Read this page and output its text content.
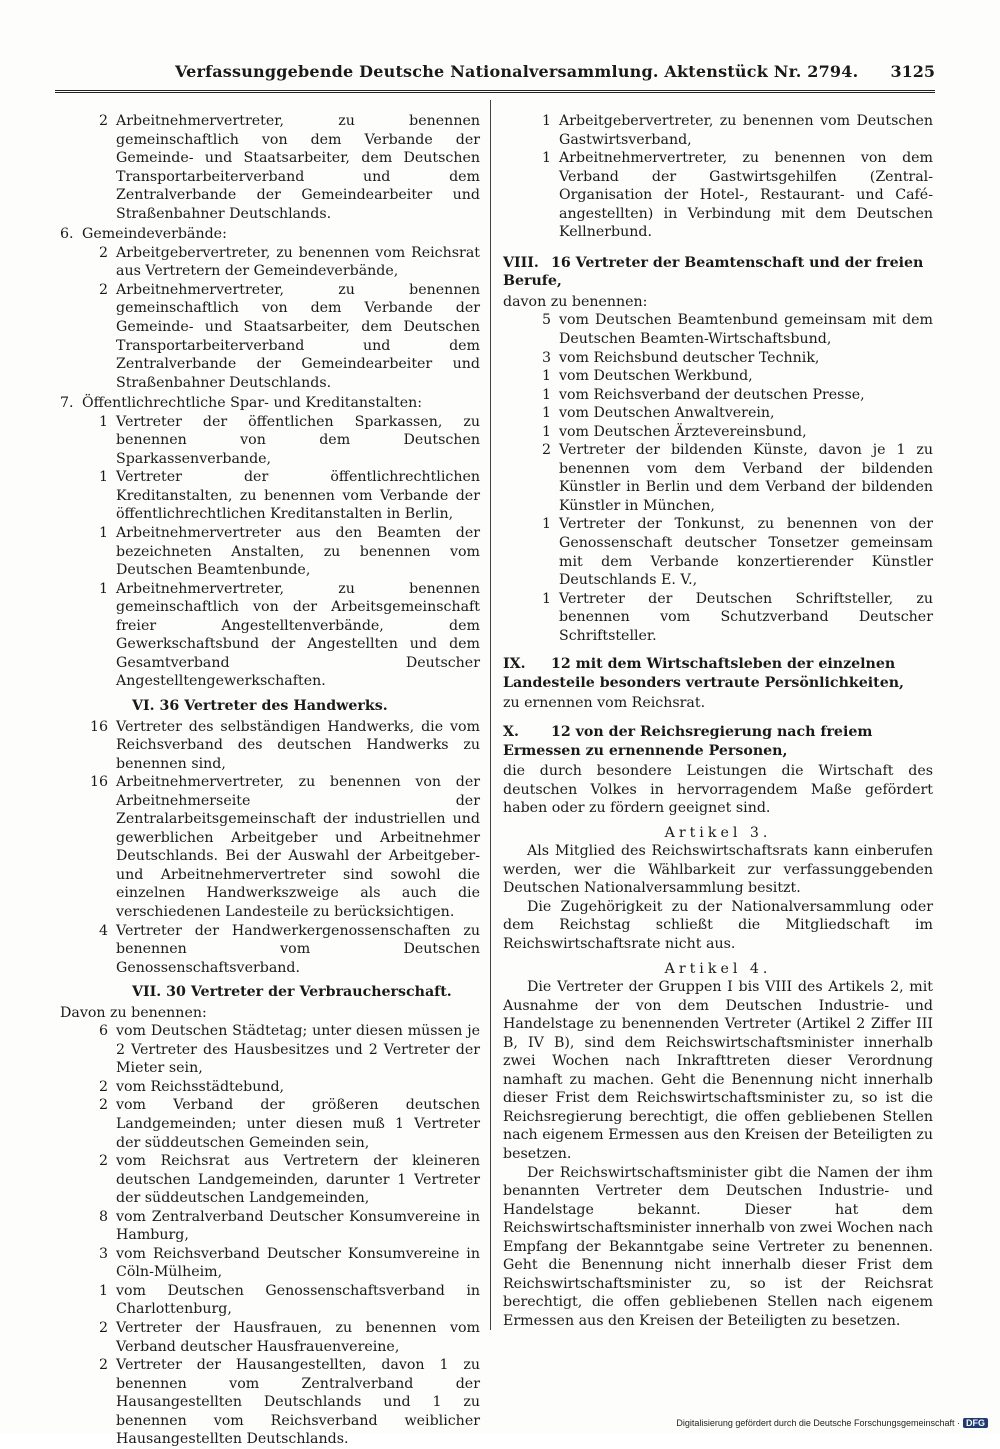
Verfassunggebende Deutsche Nationalversammlung. Aktenstück Nr. 2794. 3125
2 Arbeitnehmervertreter, zu benennen gemeinschaftlich von dem Verbande der Gemeinde- und Staatsarbeiter, dem Deutschen Transportarbeiterverband und dem Zentralverbande der Gemeindearbeiter und Straßenbahner Deutschlands.
6. Gemeindeverbände:
2 Arbeitgebervertreter, zu benennen vom Reichsrat aus Vertretern der Gemeindeverbände,
2 Arbeitnehmervertreter, zu benennen gemeinschaftlich von dem Verbande der Gemeinde- und Staatsarbeiter, dem Deutschen Transportarbeiterverband und dem Zentralverbande der Gemeindearbeiter und Straßenbahner Deutschlands.
7. Öffentlichrechtliche Spar- und Kreditanstalten:
1 Vertreter der öffentlichen Sparkassen, zu benennen von dem Deutschen Sparkassenverbande,
1 Vertreter der öffentlichrechtlichen Kreditanstalten, zu benennen vom Verbande der öffentlichrechtlichen Kreditanstalten in Berlin,
1 Arbeitnehmervertreter aus den Beamten der bezeichneten Anstalten, zu benennen vom Deutschen Beamtenbunde,
1 Arbeitnehmervertreter, zu benennen gemeinschaftlich von der Arbeitsgemeinschaft freier Angestelltenverbände, dem Gewerkschaftsbund der Angestellten und dem Gesamtverband Deutscher Angestelltengewerkschaften.
VI. 36 Vertreter des Handwerks.
16 Vertreter des selbständigen Handwerks, die vom Reichsverband des deutschen Handwerks zu benennen sind,
16 Arbeitnehmervertreter, zu benennen von der Arbeitnehmerseite der Zentralarbeitsgemeinschaft der industriellen und gewerblichen Arbeitgeber und Arbeitnehmer Deutschlands. Bei der Auswahl der Arbeitgeber- und Arbeitnehmervertreter sind sowohl die einzelnen Handwerkszweige als auch die verschiedenen Landesteile zu berücksichtigen.
4 Vertreter der Handwerkergenossenschaften zu benennen vom Deutschen Genossenschaftsverband.
VII. 30 Vertreter der Verbraucherschaft.
Davon zu benennen:
6 vom Deutschen Städtetag; unter diesen müssen je 2 Vertreter des Hausbesitzes und 2 Vertreter der Mieter sein,
2 vom Reichsstädtebund,
2 vom Verband der größeren deutschen Landgemeinden; unter diesen muß 1 Vertreter der süddeutschen Gemeinden sein,
2 vom Reichsrat aus Vertretern der kleineren deutschen Landgemeinden, darunter 1 Vertreter der süddeutschen Landgemeinden,
8 vom Zentralverband Deutscher Konsumvereine in Hamburg,
3 vom Reichsverband Deutscher Konsumvereine in Cöln-Mülheim,
1 vom Deutschen Genossenschaftsverband in Charlottenburg,
2 Vertreter der Hausfrauen, zu benennen vom Verband deutscher Hausfrauenvereine,
2 Vertreter der Hausangestellten, davon 1 zu benennen vom Zentralverband der Hausangestellten Deutschlands und 1 zu benennen vom Reichsverband weiblicher Hausangestellten Deutschlands.
1 Arbeitgebervertreter, zu benennen vom Deutschen Gastwirtsverband,
1 Arbeitnehmervertreter, zu benennen von dem Verband der Gastwirtsgehilfen (Zentral-Organisation der Hotel-, Restaurant- und Café-angestellten) in Verbindung mit dem Deutschen Kellnerbund.
VIII. 16 Vertreter der Beamtenschaft und der freien Berufe,
davon zu benennen:
5 vom Deutschen Beamtenbund gemeinsam mit dem Deutschen Beamten-Wirtschaftsbund,
3 vom Reichsbund deutscher Technik,
1 vom Deutschen Werkbund,
1 vom Reichsverband der deutschen Presse,
1 vom Deutschen Anwaltverein,
1 vom Deutschen Ärztevereinsbund,
2 Vertreter der bildenden Künste, davon je 1 zu benennen vom dem Verband der bildenden Künstler in Berlin und dem Verband der bildenden Künstler in München,
1 Vertreter der Tonkunst, zu benennen von der Genossenschaft deutscher Tonsetzer gemeinsam mit dem Verbande konzertierender Künstler Deutschlands E. V.,
1 Vertreter der Deutschen Schriftsteller, zu benennen vom Schutzverband Deutscher Schriftsteller.
IX. 12 mit dem Wirtschaftsleben der einzelnen Landesteile besonders vertraute Persönlichkeiten,
zu ernennen vom Reichsrat.
X. 12 von der Reichsregierung nach freiem Ermessen zu ernennende Personen,
die durch besondere Leistungen die Wirtschaft des deutschen Volkes in hervorragendem Maße gefördert haben oder zu fördern geeignet sind.
Artikel 3.
Als Mitglied des Reichswirtschaftsrats kann einberufen werden, wer die Wählbarkeit zur verfassunggebenden Deutschen Nationalversammlung besitzt.
Die Zugehörigkeit zu der Nationalversammlung oder dem Reichstag schließt die Mitgliedschaft im Reichswirtschaftsrate nicht aus.
Artikel 4.
Die Vertreter der Gruppen I bis VIII des Artikels 2, mit Ausnahme der von dem Deutschen Industrie- und Handelstage zu benennenden Vertreter (Artikel 2 Ziffer III B, IV B), sind dem Reichswirtschaftsminister innerhalb zwei Wochen nach Inkrafttreten dieser Verordnung namhaft zu machen. Geht die Benennung nicht innerhalb dieser Frist dem Reichswirtschaftsminister zu, so ist die Reichsregierung berechtigt, die offen gebliebenen Stellen nach eigenem Ermessen aus den Kreisen der Beteiligten zu besetzen.
Der Reichswirtschaftsminister gibt die Namen der ihm benannten Vertreter dem Deutschen Industrie- und Handelstage bekannt. Dieser hat dem Reichswirtschaftsminister innerhalb von zwei Wochen nach Empfang der Bekanntgabe seine Vertreter zu benennen. Geht die Benennung nicht innerhalb dieser Frist dem Reichswirtschaftsminister zu, so ist der Reichsrat berechtigt, die offen gebliebenen Stellen nach eigenem Ermessen aus den Kreisen der Beteiligten zu besetzen.
Digitalisierung gefördert durch die Deutsche Forschungsgemeinschaft · DFG
